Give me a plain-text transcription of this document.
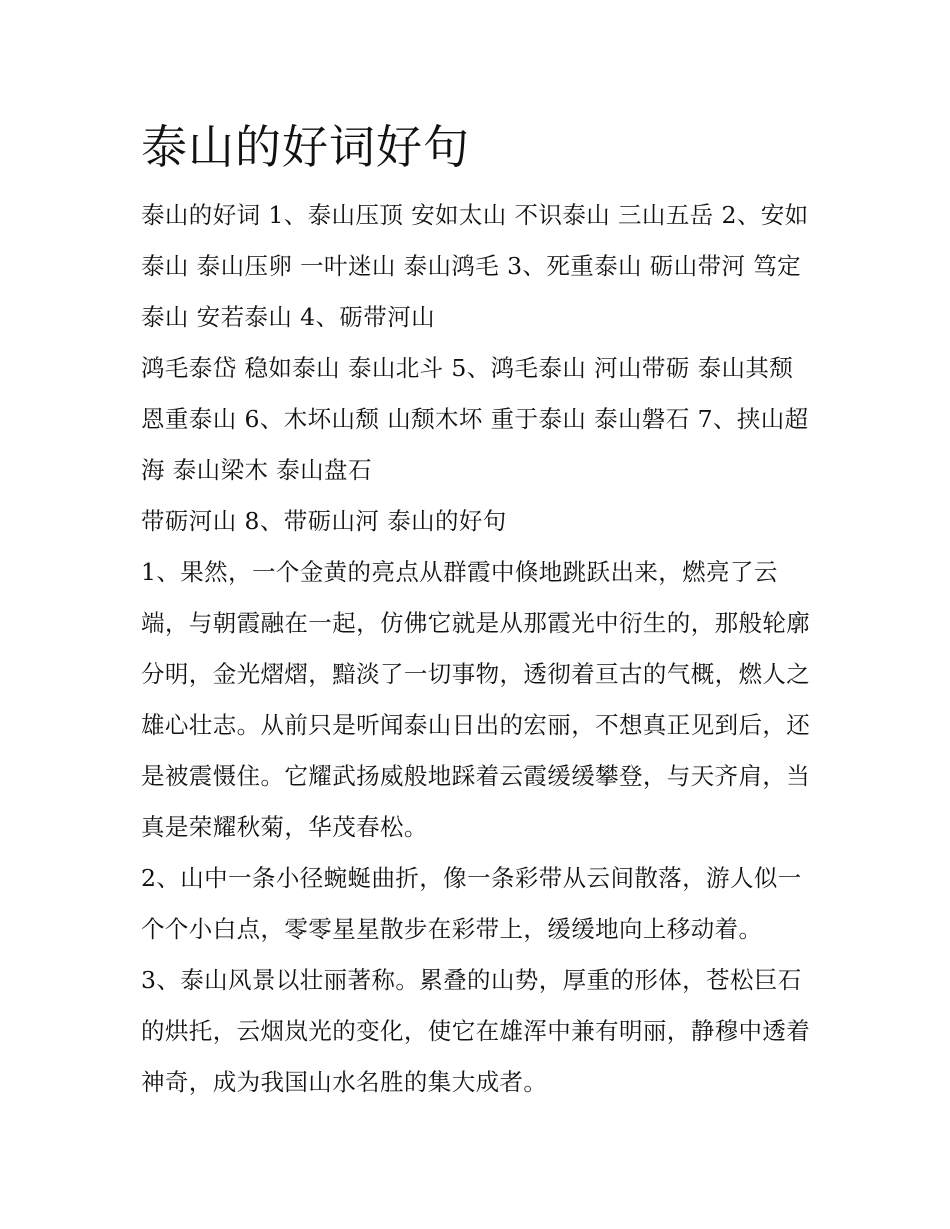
泰山的好词好句

泰山的好词 1、泰山压顶 安如太山 不识泰山 三山五岳 2、安如泰山 泰山压卵 一叶迷山 泰山鸿毛 3、死重泰山 砺山带河 笃定泰山 安若泰山 4、砺带河山

鸿毛泰岱 稳如泰山 泰山北斗 5、鸿毛泰山 河山带砺 泰山其颓 恩重泰山 6、木坏山颓 山颓木坏 重于泰山 泰山磐石 7、挟山超海 泰山梁木 泰山盘石

带砺河山 8、带砺山河 泰山的好句

1、果然，一个金黄的亮点从群霞中倏地跳跃出来，燃亮了云端，与朝霞融在一起，仿佛它就是从那霞光中衍生的，那般轮廓分明，金光熠熠，黯淡了一切事物，透彻着亘古的气概，燃人之雄心壮志。从前只是听闻泰山日出的宏丽，不想真正见到后，还是被震慑住。它耀武扬威般地踩着云霞缓缓攀登，与天齐肩，当真是荣耀秋菊，华茂春松。

2、山中一条小径蜿蜒曲折，像一条彩带从云间散落，游人似一个个小白点，零零星星散步在彩带上，缓缓地向上移动着。

3、泰山风景以壮丽著称。累叠的山势，厚重的形体，苍松巨石的烘托，云烟岚光的变化，使它在雄浑中兼有明丽，静穆中透着神奇，成为我国山水名胜的集大成者。
